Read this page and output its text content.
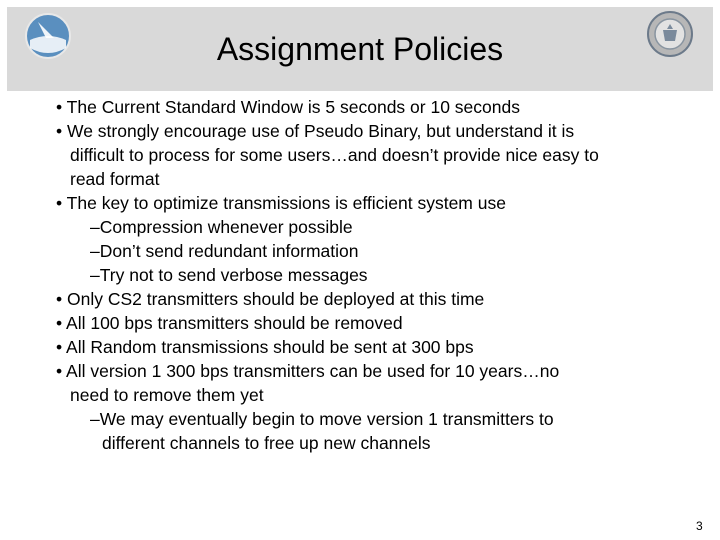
Assignment Policies
• The Current Standard Window is 5 seconds or 10 seconds
• We strongly encourage use of Pseudo Binary, but understand it is
difficult to process for some users…and doesn’t provide nice easy to
read format
• The key to optimize transmissions is efficient system use
–Compression whenever possible
–Don’t send redundant information
–Try not to send verbose messages
• Only CS2 transmitters should be deployed at this time
• All 100 bps transmitters should be removed
• All Random transmissions should be sent at 300 bps
• All version 1 300 bps transmitters can be used for 10 years…no
need to remove them yet
–We may eventually begin to move version 1 transmitters to
different channels to free up new channels
3
